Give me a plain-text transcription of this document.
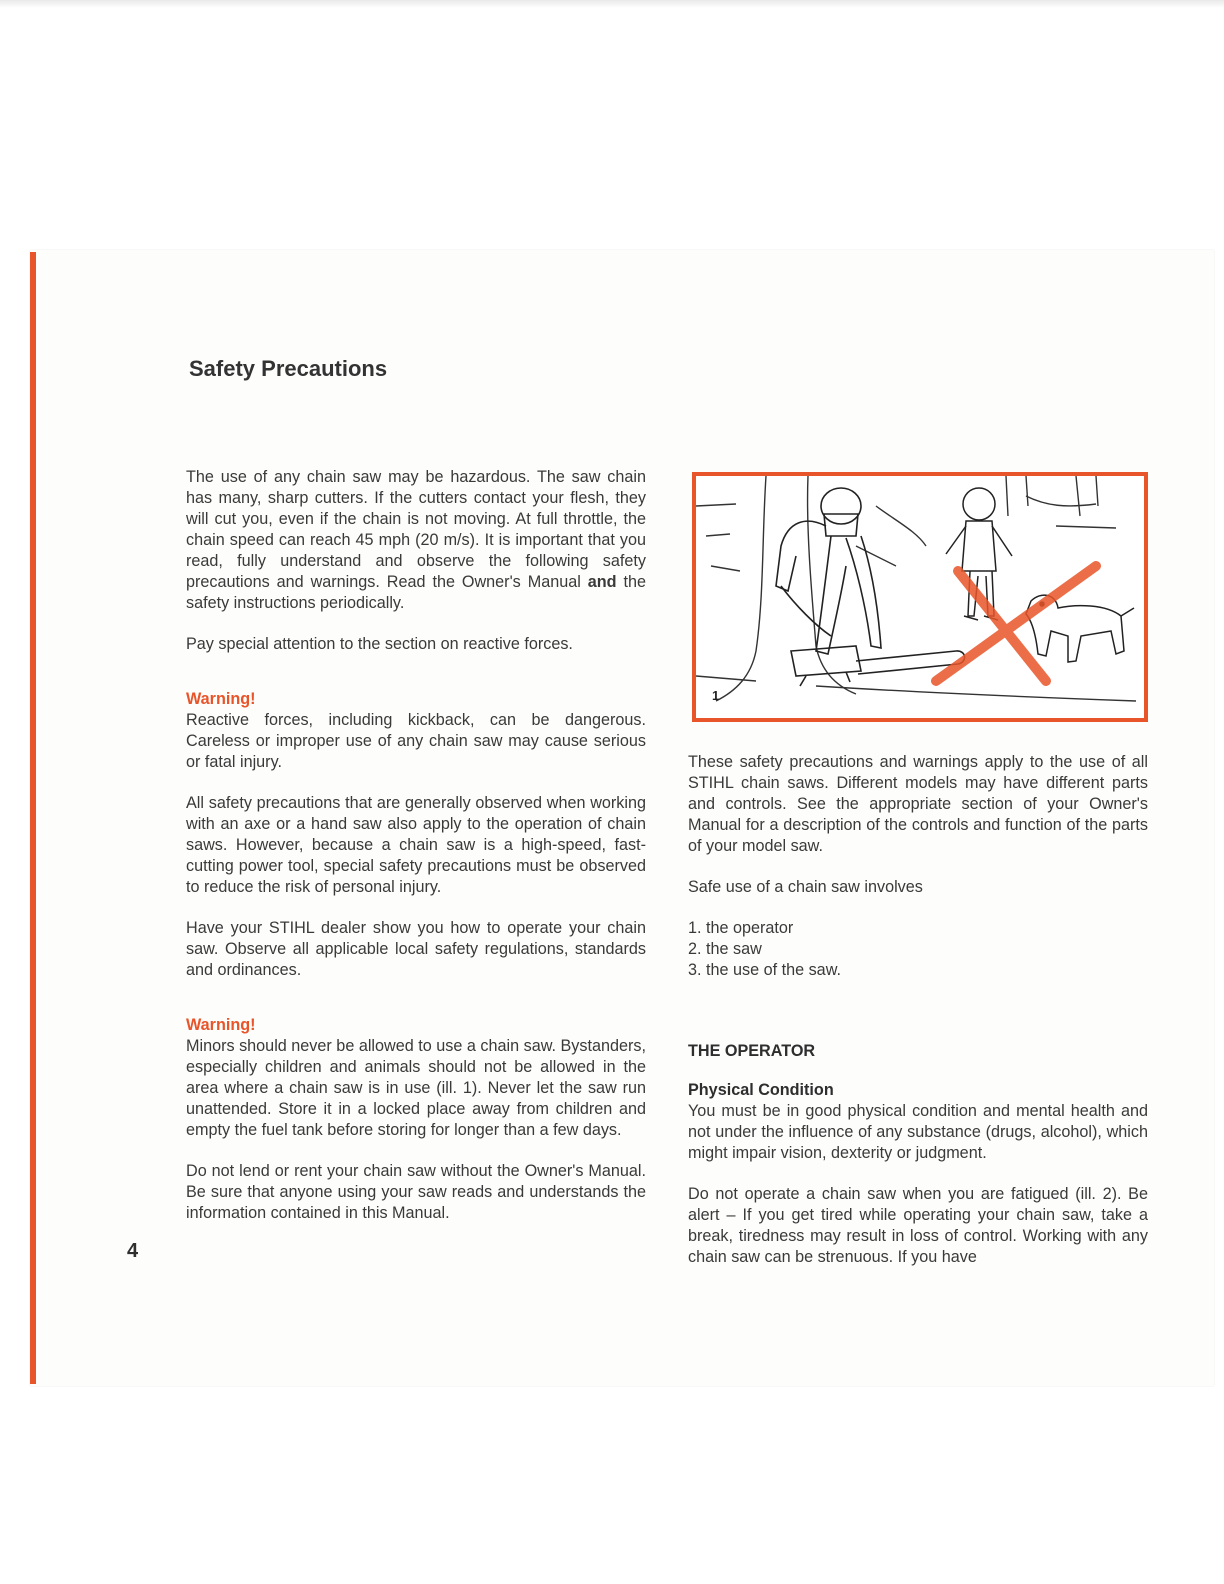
Safety Precautions

The use of any chain saw may be hazardous. The saw chain has many, sharp cutters. If the cutters contact your flesh, they will cut you, even if the chain is not moving. At full throttle, the chain speed can reach 45 mph (20 m/s). It is important that you read, fully understand and observe the following safety precautions and warnings. Read the Owner's Manual and the safety instructions periodically.

Pay special attention to the section on reactive forces.

Warning!

Reactive forces, including kickback, can be dangerous. Careless or improper use of any chain saw may cause serious or fatal injury.

All safety precautions that are generally observed when working with an axe or a hand saw also apply to the operation of chain saws. However, because a chain saw is a high-speed, fast-cutting power tool, special safety precautions must be observed to reduce the risk of personal injury.

Have your STIHL dealer show you how to operate your chain saw. Observe all applicable local safety regulations, standards and ordinances.

Warning!

Minors should never be allowed to use a chain saw. Bystanders, especially children and animals should not be allowed in the area where a chain saw is in use (ill. 1). Never let the saw run unattended. Store it in a locked place away from children and empty the fuel tank before storing for longer than a few days.

Do not lend or rent your chain saw without the Owner's Manual. Be sure that anyone using your saw reads and understands the information contained in this Manual.

4
1

These safety precautions and warnings apply to the use of all STIHL chain saws. Different models may have different parts and controls. See the appropriate section of your Owner's Manual for a description of the controls and function of the parts of your model saw.

Safe use of a chain saw involves

1. the operator
2. the saw
3. the use of the saw.
THE OPERATOR
Physical Condition

You must be in good physical condition and mental health and not under the influence of any substance (drugs, alcohol), which might impair vision, dexterity or judgment.

Do not operate a chain saw when you are fatigued (ill. 2). Be alert – If you get tired while operating your chain saw, take a break, tiredness may result in loss of control. Working with any chain saw can be strenuous. If you have
